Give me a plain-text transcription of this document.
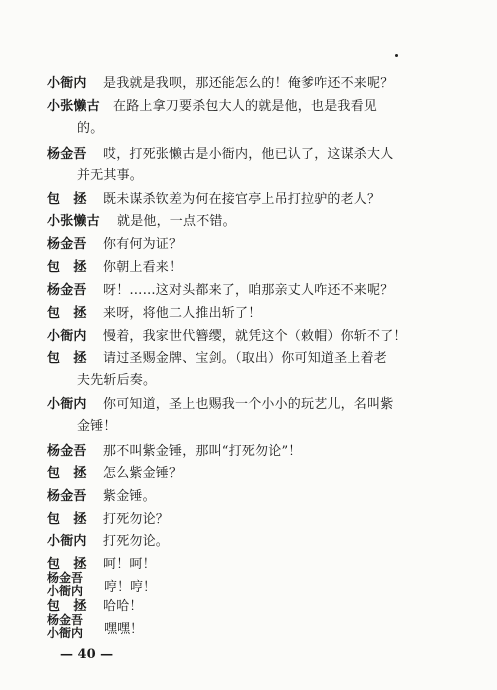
小衙内 是我就是我呗，那还能怎么的！俺爹咋还不来呢？
小张懒古 在路上拿刀要杀包大人的就是他，也是我看见
的。
杨金吾 哎，打死张懒古是小衙内，他已认了，这谋杀大人
并无其事。
包　拯 既未谋杀钦差为何在接官亭上吊打拉驴的老人？
小张懒古 就是他，一点不错。
杨金吾 你有何为证？
包　拯 你朝上看来！
杨金吾 呀！……这对头都来了，咱那亲丈人咋还不来呢？
包　拯 来呀，将他二人推出斩了！
小衙内 慢着，我家世代簪缨，就凭这个（敕帽）你斩不了！
包　拯 请过圣赐金牌、宝剑。（取出）你可知道圣上着老
夫先斩后奏。
小衙内 你可知道，圣上也赐我一个小小的玩艺儿，名叫紫
金锤！
杨金吾 那不叫紫金锤，那叫“打死勿论”！
包　拯 怎么紫金锤？
杨金吾 紫金锤。
包　拯 打死勿论？
小衙内 打死勿论。
包　拯 呵！呵！
杨金吾
小衙内	哼！哼！
包　拯 哈哈！
杨金吾
小衙内	嘿嘿！
— 40 —
